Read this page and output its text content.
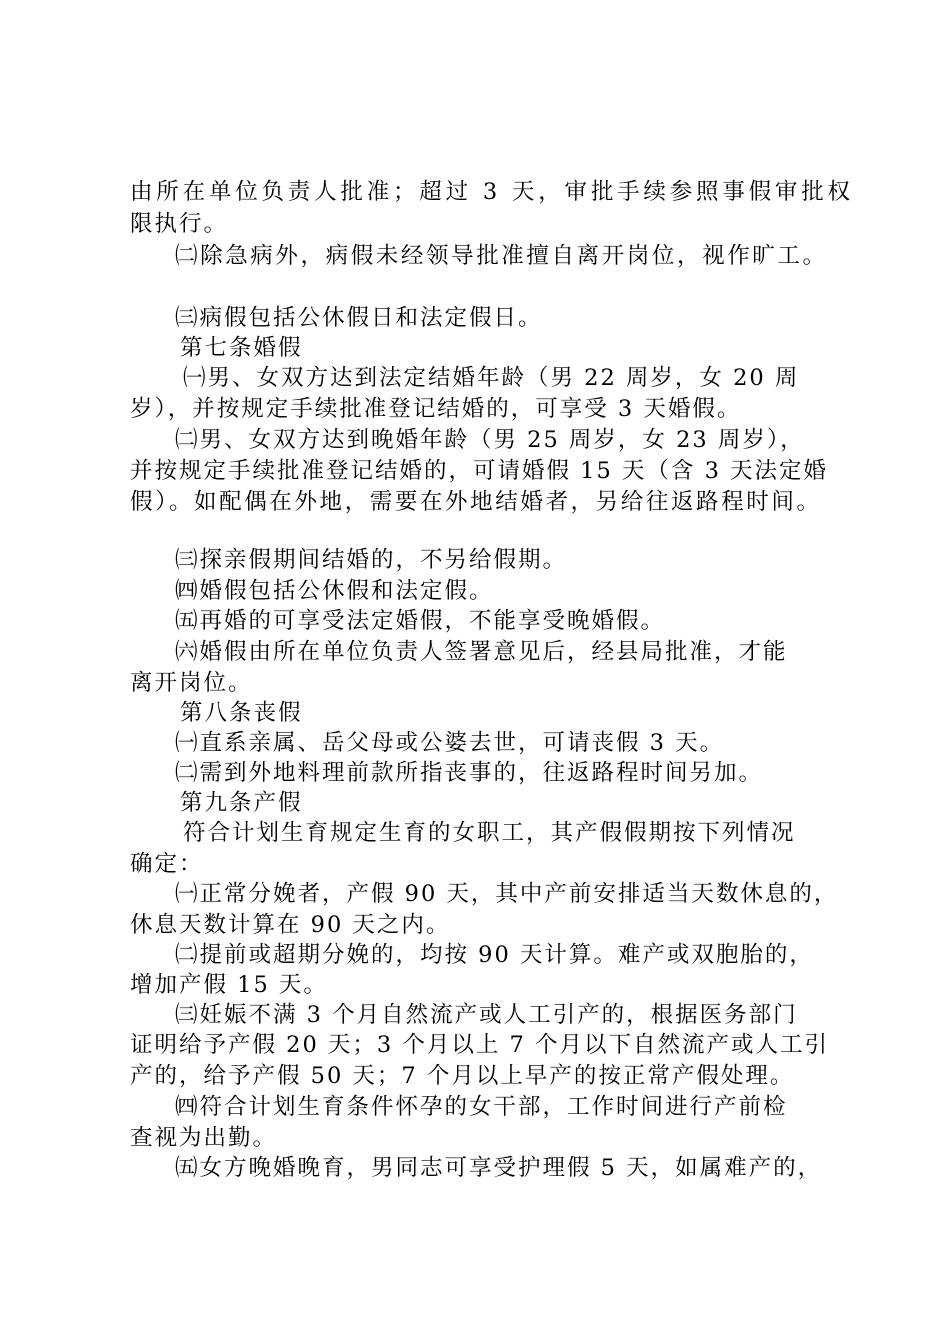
由所在单位负责人批准；超过 3 天，审批手续参照事假审批权
限执行。
㈡除急病外，病假未经领导批准擅自离开岗位，视作旷工。
㈢病假包括公休假日和法定假日。
第七条婚假
㈠男、女双方达到法定结婚年龄（男 22 周岁，女 20 周
岁），并按规定手续批准登记结婚的，可享受 3 天婚假。
㈡男、女双方达到晚婚年龄（男 25 周岁，女 23 周岁），
并按规定手续批准登记结婚的，可请婚假 15 天（含 3 天法定婚
假）。如配偶在外地，需要在外地结婚者，另给往返路程时间。
㈢探亲假期间结婚的，不另给假期。
㈣婚假包括公休假和法定假。
㈤再婚的可享受法定婚假，不能享受晚婚假。
㈥婚假由所在单位负责人签署意见后，经县局批准，才能
离开岗位。
第八条丧假
㈠直系亲属、岳父母或公婆去世，可请丧假 3 天。
㈡需到外地料理前款所指丧事的，往返路程时间另加。
第九条产假
符合计划生育规定生育的女职工，其产假假期按下列情况
确定：
㈠正常分娩者，产假 90 天，其中产前安排适当天数休息的，
休息天数计算在 90 天之内。
㈡提前或超期分娩的，均按 90 天计算。难产或双胞胎的，
增加产假 15 天。
㈢妊娠不满 3 个月自然流产或人工引产的，根据医务部门
证明给予产假 20 天；3 个月以上 7 个月以下自然流产或人工引
产的，给予产假 50 天；7 个月以上早产的按正常产假处理。
㈣符合计划生育条件怀孕的女干部，工作时间进行产前检
查视为出勤。
㈤女方晚婚晚育，男同志可享受护理假 5 天，如属难产的，
